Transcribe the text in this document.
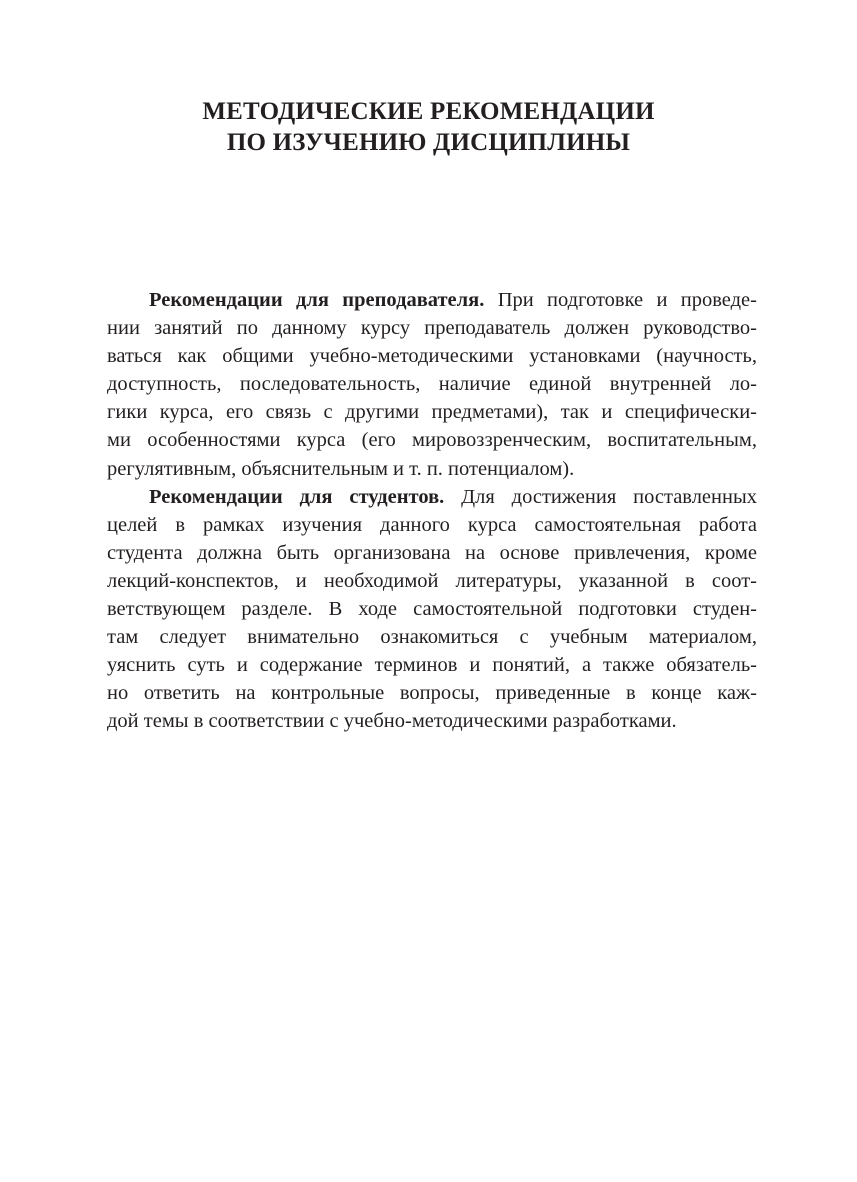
МЕТОДИЧЕСКИЕ РЕКОМЕНДАЦИИ
ПО ИЗУЧЕНИЮ ДИСЦИПЛИНЫ
Рекомендации для преподавателя. При подготовке и проведе-
нии занятий по данному курсу преподаватель должен руководство-
ваться как общими учебно-методическими установками (научность,
доступность, последовательность, наличие единой внутренней ло-
гики курса, его связь с другими предметами), так и специфически-
ми особенностями курса (его мировоззренческим, воспитательным,
регулятивным, объяснительным и т. п. потенциалом).
Рекомендации для студентов. Для достижения поставленных
целей в рамках изучения данного курса самостоятельная работа
студента должна быть организована на основе привлечения, кроме
лекций-конспектов, и необходимой литературы, указанной в соот-
ветствующем разделе. В ходе самостоятельной подготовки студен-
там следует внимательно ознакомиться с учебным материалом,
уяснить суть и содержание терминов и понятий, а также обязатель-
но ответить на контрольные вопросы, приведенные в конце каж-
дой темы в соответствии с учебно-методическими разработками.
